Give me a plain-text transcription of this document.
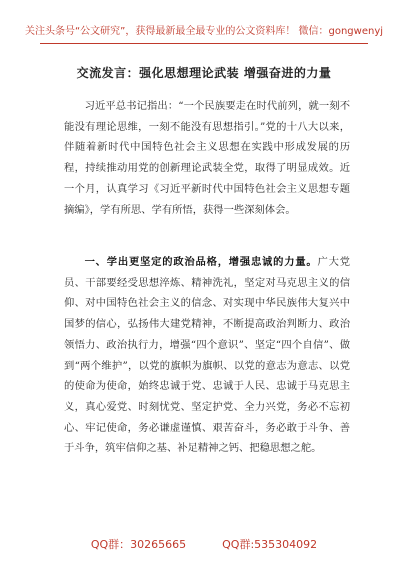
关注头条号“公文研究”，获得最新最全最专业的公文资料库！ 微信：gongwenyj
交流发言：强化思想理论武装 增强奋进的力量
习近平总书记指出：“一个民族要走在时代前列，就一刻不能没有理论思维，一刻不能没有思想指引。”党的十八大以来，伴随着新时代中国特色社会主义思想在实践中形成发展的历程，持续推动用党的创新理论武装全党，取得了明显成效。近一个月，认真学习《习近平新时代中国特色社会主义思想专题摘编》，学有所思、学有所悟，获得一些深刻体会。
一、学出更坚定的政治品格，增强忠诚的力量。广大党员、干部要经受思想淬炼、精神洗礼，坚定对马克思主义的信仰、对中国特色社会主义的信念、对实现中华民族伟大复兴中国梦的信心，弘扬伟大建党精神，不断提高政治判断力、政治领悟力、政治执行力，增强“四个意识”、坚定“四个自信”、做到“两个维护”，以党的旗帜为旗帜、以党的意志为意志、以党的使命为使命，始终忠诚于党、忠诚于人民、忠诚于马克思主义，真心爱党、时刻忧党、坚定护党、全力兴党，务必不忘初心、牢记使命，务必谦虚谨慎、艰苦奋斗，务必敢于斗争、善于斗争，筑牢信仰之基、补足精神之钙、把稳思想之舵。
QQ群：30265665	QQ群:535304092
